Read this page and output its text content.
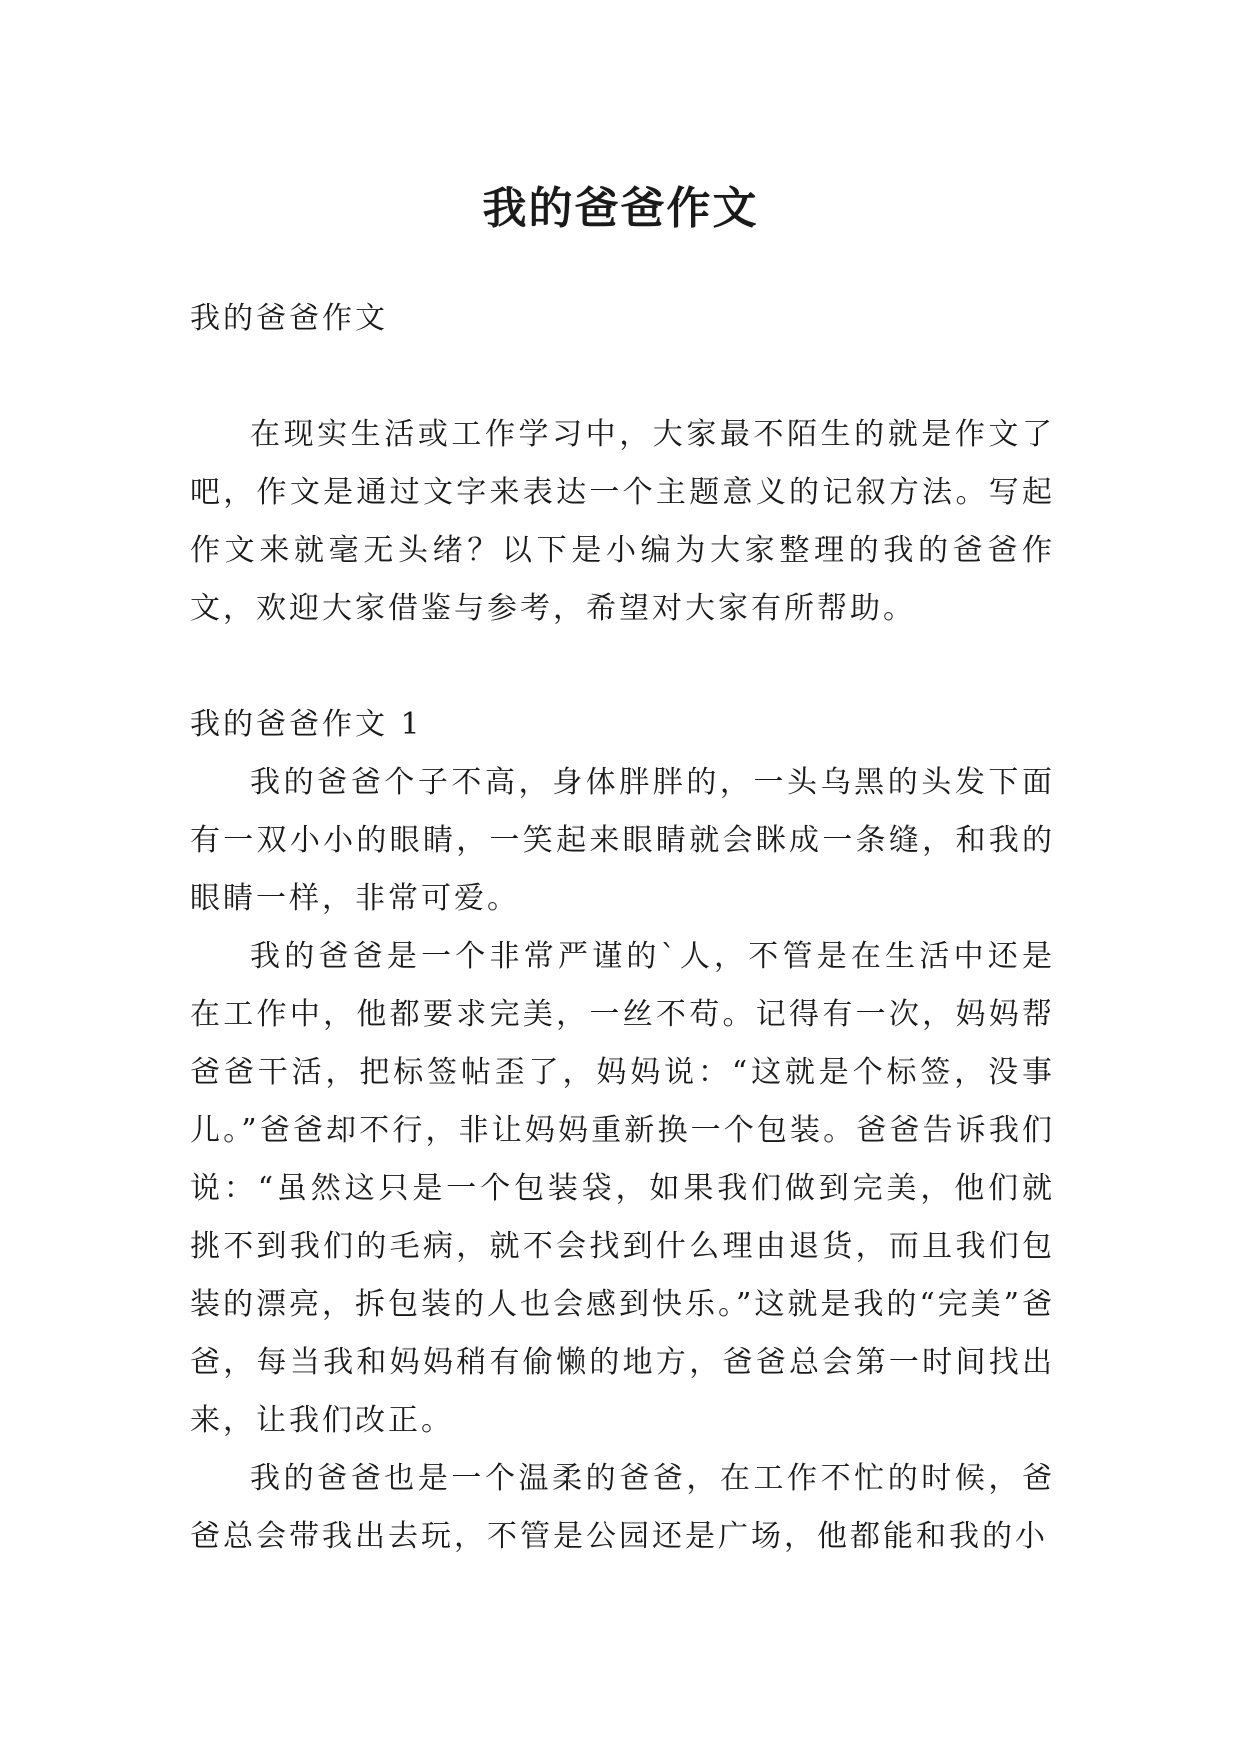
我的爸爸作文

我的爸爸作文

在现实生活或工作学习中，大家最不陌生的就是作文了吧，作文是通过文字来表达一个主题意义的记叙方法。写起作文来就毫无头绪？以下是小编为大家整理的我的爸爸作文，欢迎大家借鉴与参考，希望对大家有所帮助。

我的爸爸作文 1

我的爸爸个子不高，身体胖胖的，一头乌黑的头发下面有一双小小的眼睛，一笑起来眼睛就会眯成一条缝，和我的眼睛一样，非常可爱。

我的爸爸是一个非常严谨的`人，不管是在生活中还是在工作中，他都要求完美，一丝不苟。记得有一次，妈妈帮爸爸干活，把标签帖歪了，妈妈说：“这就是个标签，没事儿。”爸爸却不行，非让妈妈重新换一个包装。爸爸告诉我们说：“虽然这只是一个包装袋，如果我们做到完美，他们就挑不到我们的毛病，就不会找到什么理由退货，而且我们包装的漂亮，拆包装的人也会感到快乐。”这就是我的“完美”爸爸，每当我和妈妈稍有偷懒的地方，爸爸总会第一时间找出来，让我们改正。

我的爸爸也是一个温柔的爸爸，在工作不忙的时候，爸爸总会带我出去玩，不管是公园还是广场，他都能和我的小
